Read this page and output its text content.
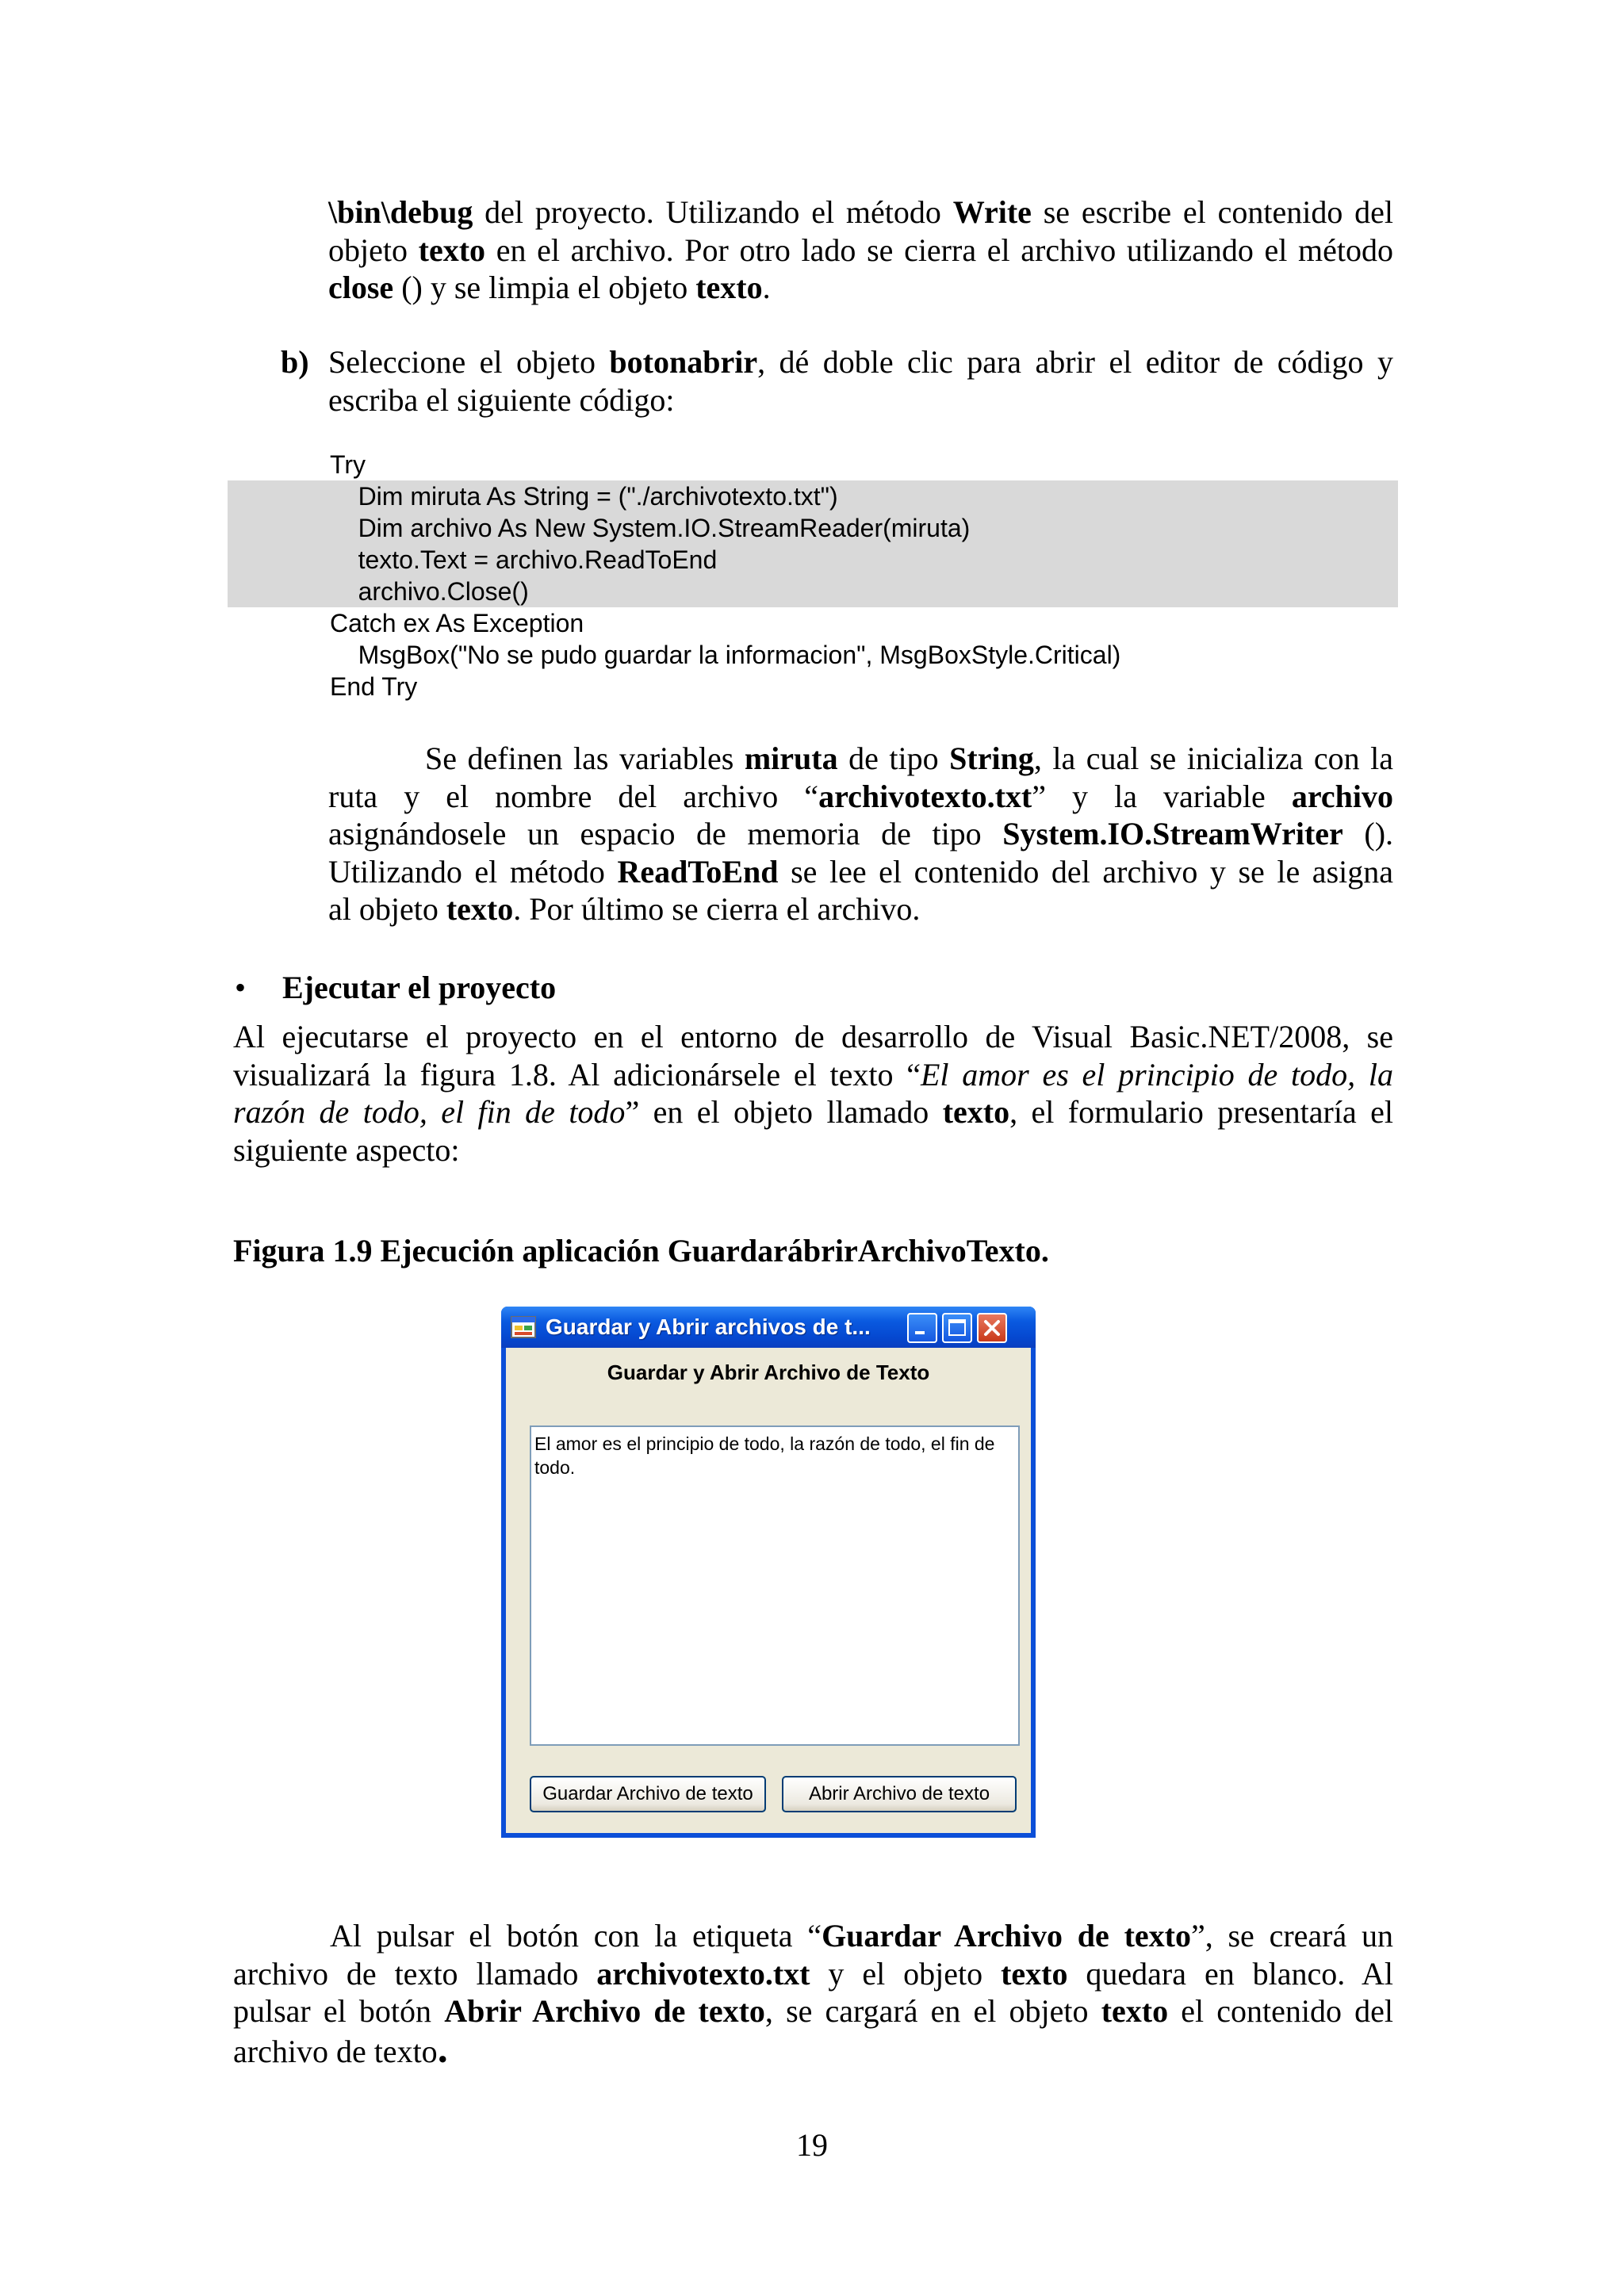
\bin\debug del proyecto. Utilizando el método Write se escribe el contenido del

objeto texto en el archivo. Por otro lado se cierra el archivo utilizando el método

close () y se limpia el objeto texto.

b) Seleccione el objeto botonabrir, dé doble clic para abrir el editor de código y

escriba el siguiente código:

Try
Dim miruta As String = ("./archivotexto.txt")
Dim archivo As New System.IO.StreamReader(miruta)
texto.Text = archivo.ReadToEnd
archivo.Close()
Catch ex As Exception
MsgBox("No se pudo guardar la informacion", MsgBoxStyle.Critical)
End Try

Se definen las variables miruta de tipo String, la cual se inicializa con la

ruta y el nombre del archivo “archivotexto.txt” y la variable archivo

asignándosele un espacio de memoria de tipo System.IO.StreamWriter ().

Utilizando el método ReadToEnd se lee el contenido del archivo y se le asigna

al objeto texto. Por último se cierra el archivo.

• Ejecutar el proyecto

Al ejecutarse el proyecto en el entorno de desarrollo de Visual Basic.NET/2008, se

visualizará la figura 1.8. Al adicionársele el texto “El amor es el principio de todo, la

razón de todo, el fin de todo” en el objeto llamado texto, el formulario presentaría el

siguiente aspecto:

Figura 1.9 Ejecución aplicación GuardarábrirArchivoTexto.
Guardar y Abrir archivos de t...
Guardar y Abrir Archivo de Texto
El amor es el principio de todo, la razón de todo, el fin de todo.
Guardar Archivo de texto	Abrir Archivo de texto

Al pulsar el botón con la etiqueta “Guardar Archivo de texto”, se creará un

archivo de texto llamado archivotexto.txt y el objeto texto quedara en blanco. Al

pulsar el botón Abrir Archivo de texto, se cargará en el objeto texto el contenido del

archivo de texto.

19
